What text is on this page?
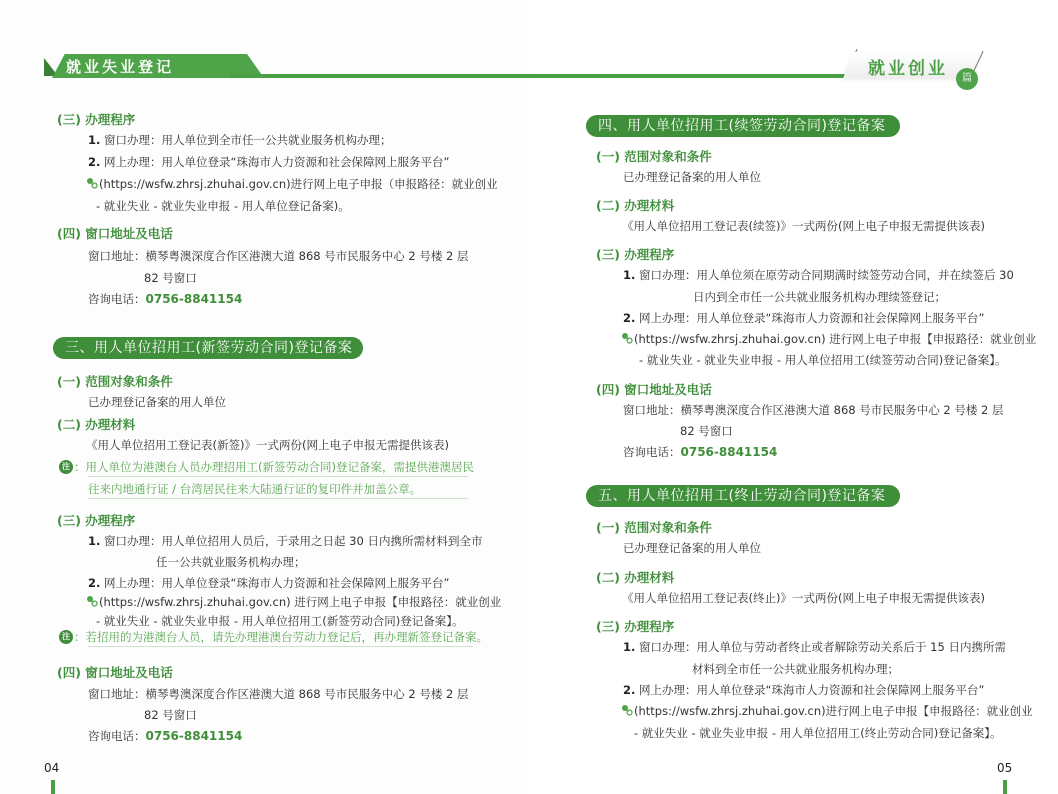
就业失业登记
(三) 办理程序
1. 窗口办理：用人单位到全市任一公共就业服务机构办理；
2. 网上办理：用人单位登录“珠海市人力资源和社会保障网上服务平台”
(https://wsfw.zhrsj.zhuhai.gov.cn)进行网上电子申报（申报路径：就业创业
- 就业失业 - 就业失业申报 - 用人单位登记备案)。
(四) 窗口地址及电话
窗口地址：横琴粤澳深度合作区港澳大道 868 号市民服务中心 2 号楼 2 层
82 号窗口
咨询电话：0756-8841154
三、用人单位招用工(新签劳动合同)登记备案
(一) 范围对象和条件
已办理登记备案的用人单位
(二) 办理材料
《用人单位招用工登记表(新签)》一式两份(网上电子申报无需提供该表)
注 ：用人单位为港澳台人员办理招用工(新签劳动合同)登记备案，需提供港澳居民
往来内地通行证 / 台湾居民往来大陆通行证的复印件并加盖公章。
(三) 办理程序
1. 窗口办理：用人单位招用人员后，于录用之日起 30 日内携所需材料到全市
任一公共就业服务机构办理；
2. 网上办理：用人单位登录“珠海市人力资源和社会保障网上服务平台”
(https://wsfw.zhrsj.zhuhai.gov.cn) 进行网上电子申报【申报路径：就业创业
- 就业失业 - 就业失业申报 - 用人单位招用工(新签劳动合同)登记备案】。
注 ：若招用的为港澳台人员，请先办理港澳台劳动力登记后，再办理新签登记备案。
(四) 窗口地址及电话
窗口地址：横琴粤澳深度合作区港澳大道 868 号市民服务中心 2 号楼 2 层
82 号窗口
咨询电话：0756-8841154
04
就业创业	篇
四、用人单位招用工(续签劳动合同)登记备案
(一) 范围对象和条件
已办理登记备案的用人单位
(二) 办理材料
《用人单位招用工登记表(续签)》一式两份(网上电子申报无需提供该表)
(三) 办理程序
1. 窗口办理：用人单位须在原劳动合同期满时续签劳动合同，并在续签后 30
日内到全市任一公共就业服务机构办理续签登记；
2. 网上办理：用人单位登录“珠海市人力资源和社会保障网上服务平台”
(https://wsfw.zhrsj.zhuhai.gov.cn) 进行网上电子申报【申报路径：就业创业
- 就业失业 - 就业失业申报 - 用人单位招用工(续签劳动合同)登记备案】。
(四) 窗口地址及电话
窗口地址：横琴粤澳深度合作区港澳大道 868 号市民服务中心 2 号楼 2 层
82 号窗口
咨询电话：0756-8841154
五、用人单位招用工(终止劳动合同)登记备案
(一) 范围对象和条件
已办理登记备案的用人单位
(二) 办理材料
《用人单位招用工登记表(终止)》一式两份(网上电子申报无需提供该表)
(三) 办理程序
1. 窗口办理：用人单位与劳动者终止或者解除劳动关系后于 15 日内携所需
材料到全市任一公共就业服务机构办理；
2. 网上办理：用人单位登录“珠海市人力资源和社会保障网上服务平台”
(https://wsfw.zhrsj.zhuhai.gov.cn)进行网上电子申报【申报路径：就业创业
- 就业失业 - 就业失业申报 - 用人单位招用工(终止劳动合同)登记备案】。
05
